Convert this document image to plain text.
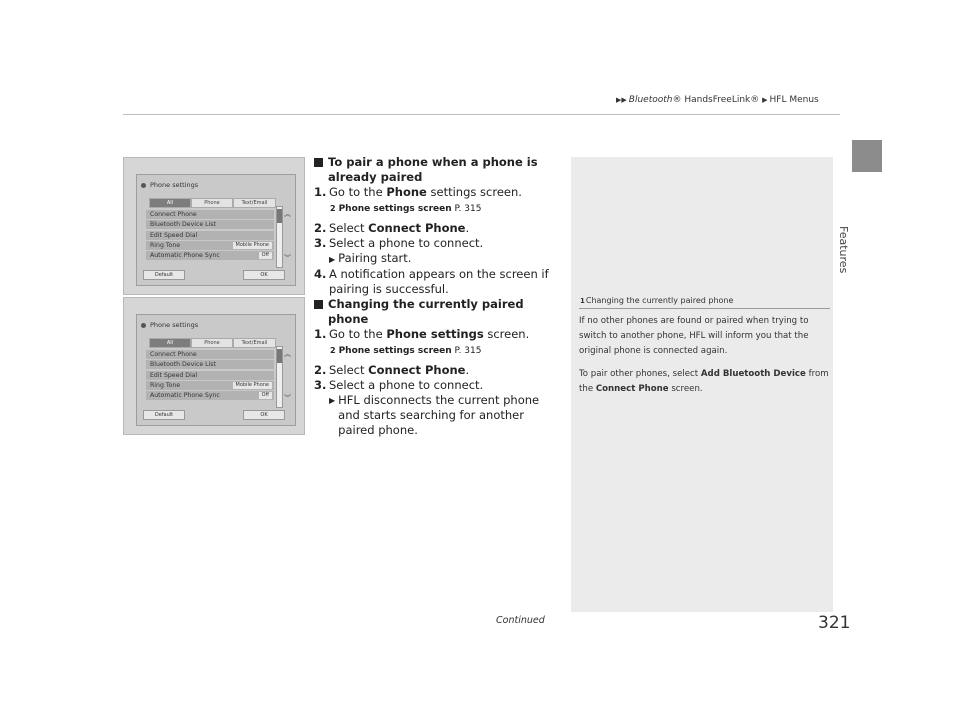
▶▶ Bluetooth® HandsFreeLink® ▶ HFL Menus
Features
Phone settings
All	Phone	Text/Email
Connect Phone
Bluetooth Device List
Edit Speed Dial
Ring Tone	Mobile Phone
Automatic Phone Sync	Off
︽
︾
Default	OK
Phone settings
All	Phone	Text/Email
Connect Phone
Bluetooth Device List
Edit Speed Dial
Ring Tone	Mobile Phone
Automatic Phone Sync	Off
︽
︾
Default	OK
To pair a phone when a phone is already paired
1. Go to the Phone settings screen.
2 Phone settings screen P. 315
2. Select Connect Phone.
3. Select a phone to connect.
▶ Pairing start.
4. A notification appears on the screen if pairing is successful.
Changing the currently paired phone
1. Go to the Phone settings screen.
2 Phone settings screen P. 315
2. Select Connect Phone.
3. Select a phone to connect.

▶ HFL disconnects the current phone and starts searching for another paired phone.
1Changing the currently paired phone
If no other phones are found or paired when trying to switch to another phone, HFL will inform you that the original phone is connected again.
To pair other phones, select Add Bluetooth Device from the Connect Phone screen.
Continued	321
